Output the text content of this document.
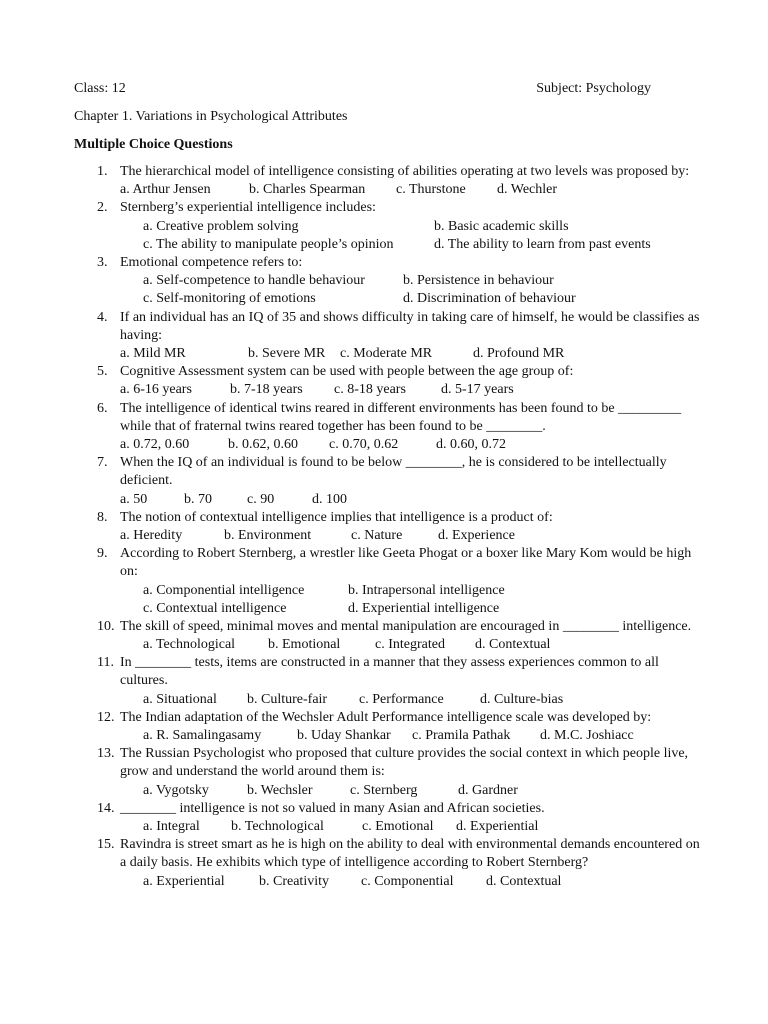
Class: 12	Subject: Psychology
Chapter 1. Variations in Psychological Attributes
Multiple Choice Questions
1. The hierarchical model of intelligence consisting of abilities operating at two levels was proposed by:
a. Arthur Jensen	b. Charles Spearman c. Thurstone d. Wechler
2. Sternberg’s experiential intelligence includes:
a. Creative problem solving	b. Basic academic skills
c. The ability to manipulate people’s opinion	d. The ability to learn from past events
3. Emotional competence refers to:
a. Self-competence to handle behaviour	b. Persistence in behaviour
c. Self-monitoring of emotions	d. Discrimination of behaviour
4. If an individual has an IQ of 35 and shows difficulty in taking care of himself, he would be classifies as having:
a. Mild MR	b. Severe MR c. Moderate MR	d. Profound MR
5. Cognitive Assessment system can be used with people between the age group of:
a. 6-16 years	b. 7-18 years c. 8-18 years	d. 5-17 years
6. The intelligence of identical twins reared in different environments has been found to be _________ while that of fraternal twins reared together has been found to be ________.
a. 0.72, 0.60	b. 0.62, 0.60 c. 0.70, 0.62	d. 0.60, 0.72
7. When the IQ of an individual is found to be below ________, he is considered to be intellectually deficient.
a. 50	b. 70	c. 90	d. 100
8. The notion of contextual intelligence implies that intelligence is a product of:
a. Heredity	b. Environment	c. Nature	d. Experience
9. According to Robert Sternberg, a wrestler like Geeta Phogat or a boxer like Mary Kom would be high on:
a. Componential intelligence	b. Intrapersonal intelligence
c. Contextual intelligence	d. Experiential intelligence
10. The skill of speed, minimal moves and mental manipulation are encouraged in ________ intelligence.
a. Technological b. Emotional c. Integrated d. Contextual
11. In ________ tests, items are constructed in a manner that they assess experiences common to all cultures.
a. Situational b. Culture-fair c. Performance	d. Culture-bias
12. The Indian adaptation of the Wechsler Adult Performance intelligence scale was developed by:
a. R. Samalingasamy	b. Uday Shankar c. Pramila Pathak d. M.C. Joshiacc
13. The Russian Psychologist who proposed that culture provides the social context in which people live, grow and understand the world around them is:
a. Vygotsky	b. Wechsler	c. Sternberg	d. Gardner
14. ________ intelligence is not so valued in many Asian and African societies.
a. Integral b. Technological	c. Emotional d. Experiential
15. Ravindra is street smart as he is high on the ability to deal with environmental demands encountered on a daily basis. He exhibits which type of intelligence according to Robert Sternberg?
a. Experiential b. Creativity c. Componential d. Contextual
